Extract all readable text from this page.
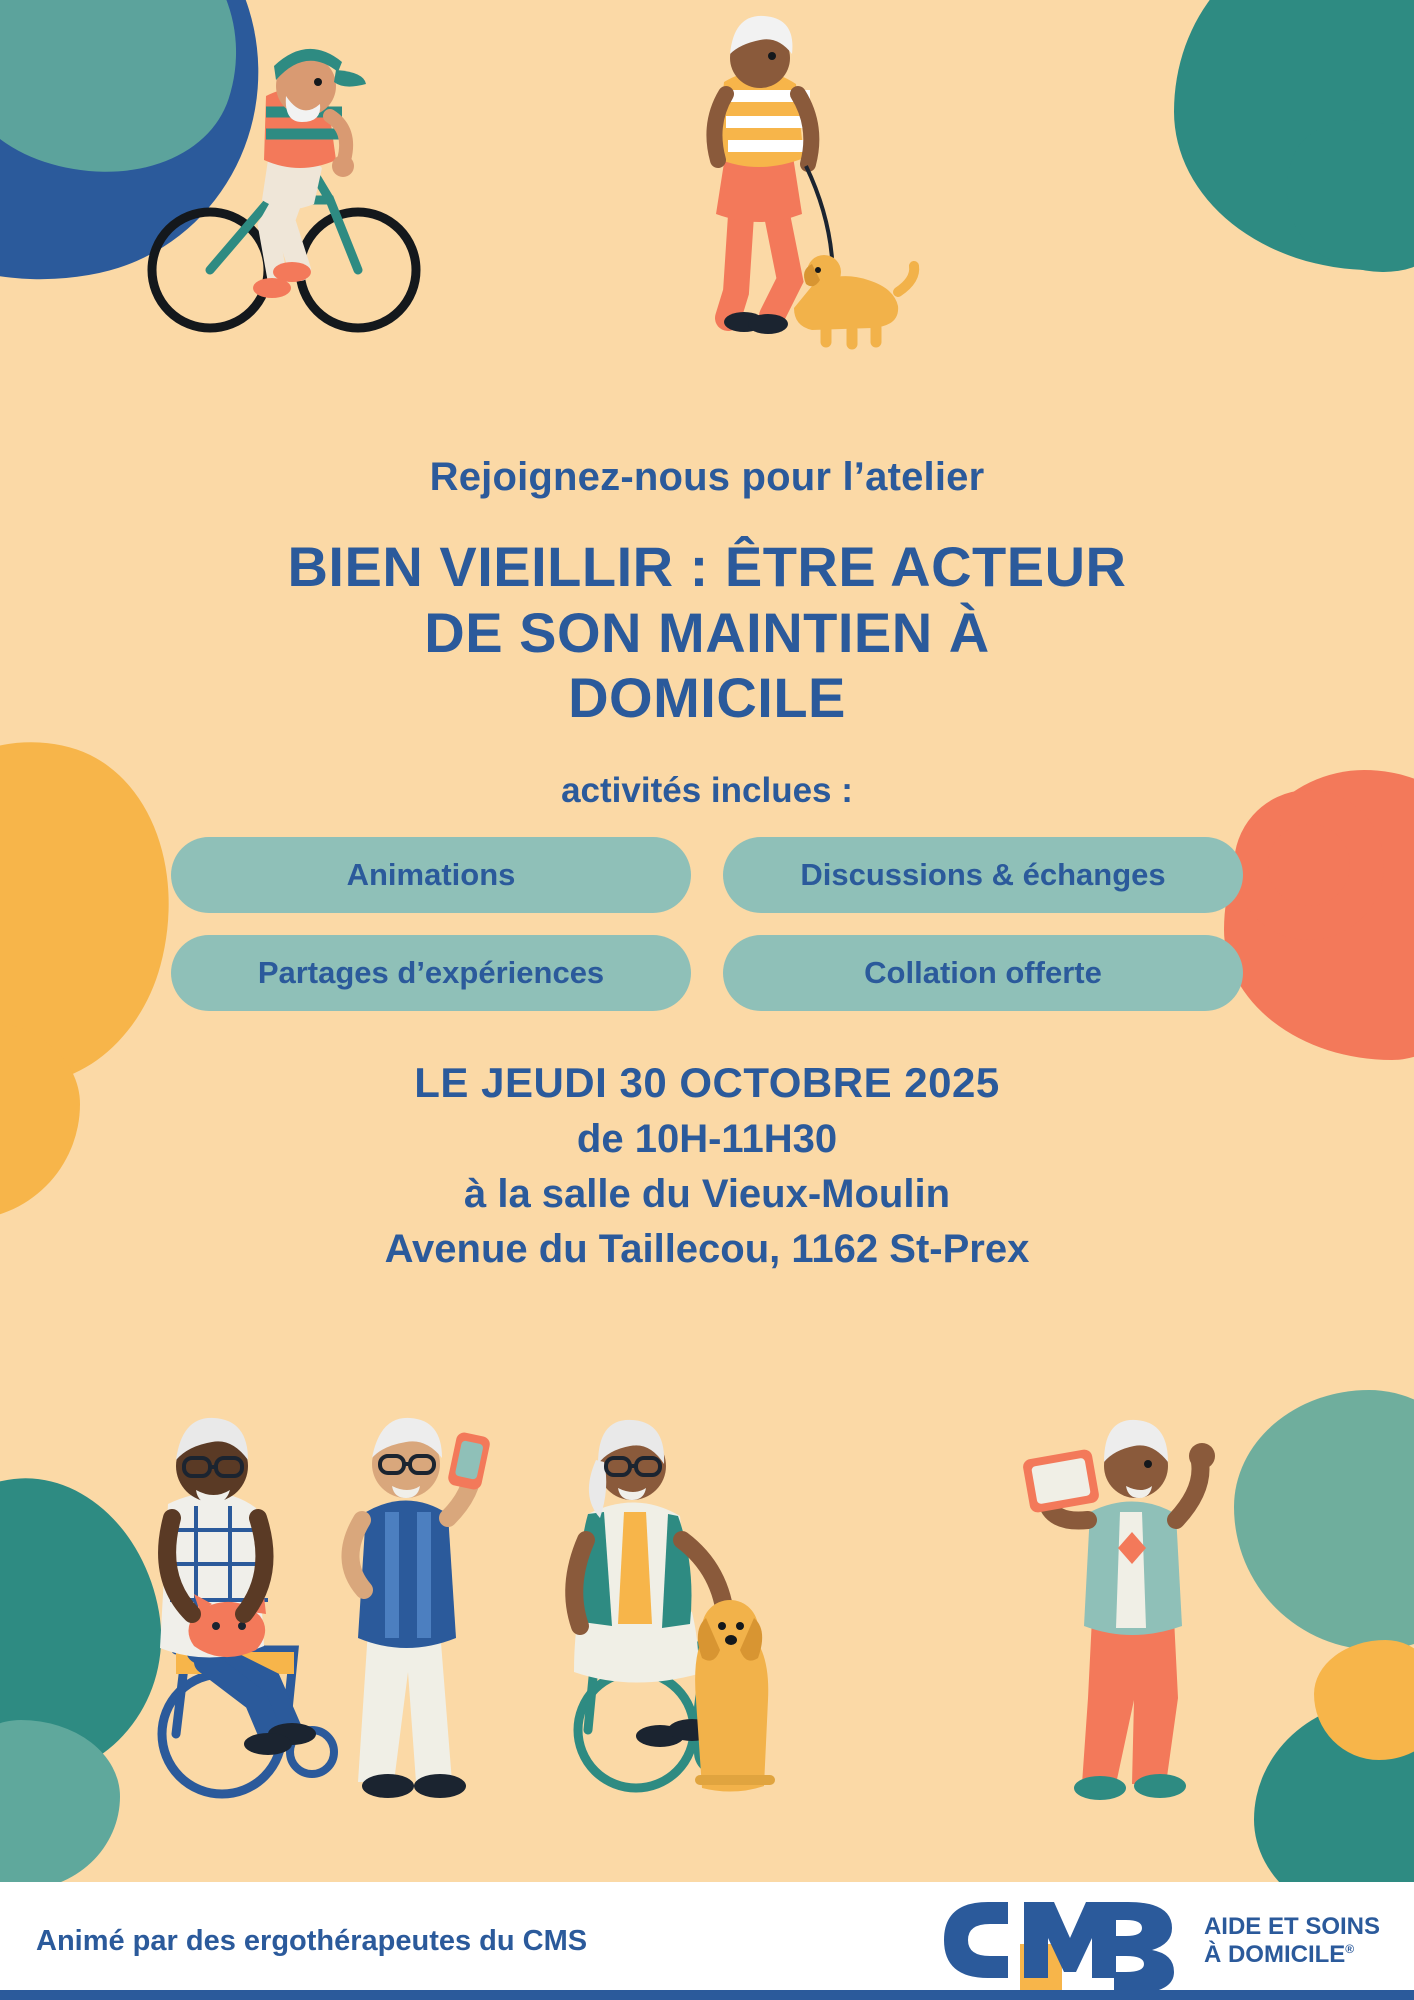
Rejoignez-nous pour l’atelier
BIEN VIEILLIR : ÊTRE ACTEUR
DE SON MAINTIEN À
DOMICILE
activités inclues :
Animations	Discussions & échanges
Partages d’expériences	Collation offerte
LE JEUDI 30 OCTOBRE 2025
de 10H-11H30
à la salle du Vieux-Moulin
Avenue du Taillecou, 1162 St-Prex
Animé par des ergothérapeutes du CMS	AIDE ET SOINS
À DOMICILE®
